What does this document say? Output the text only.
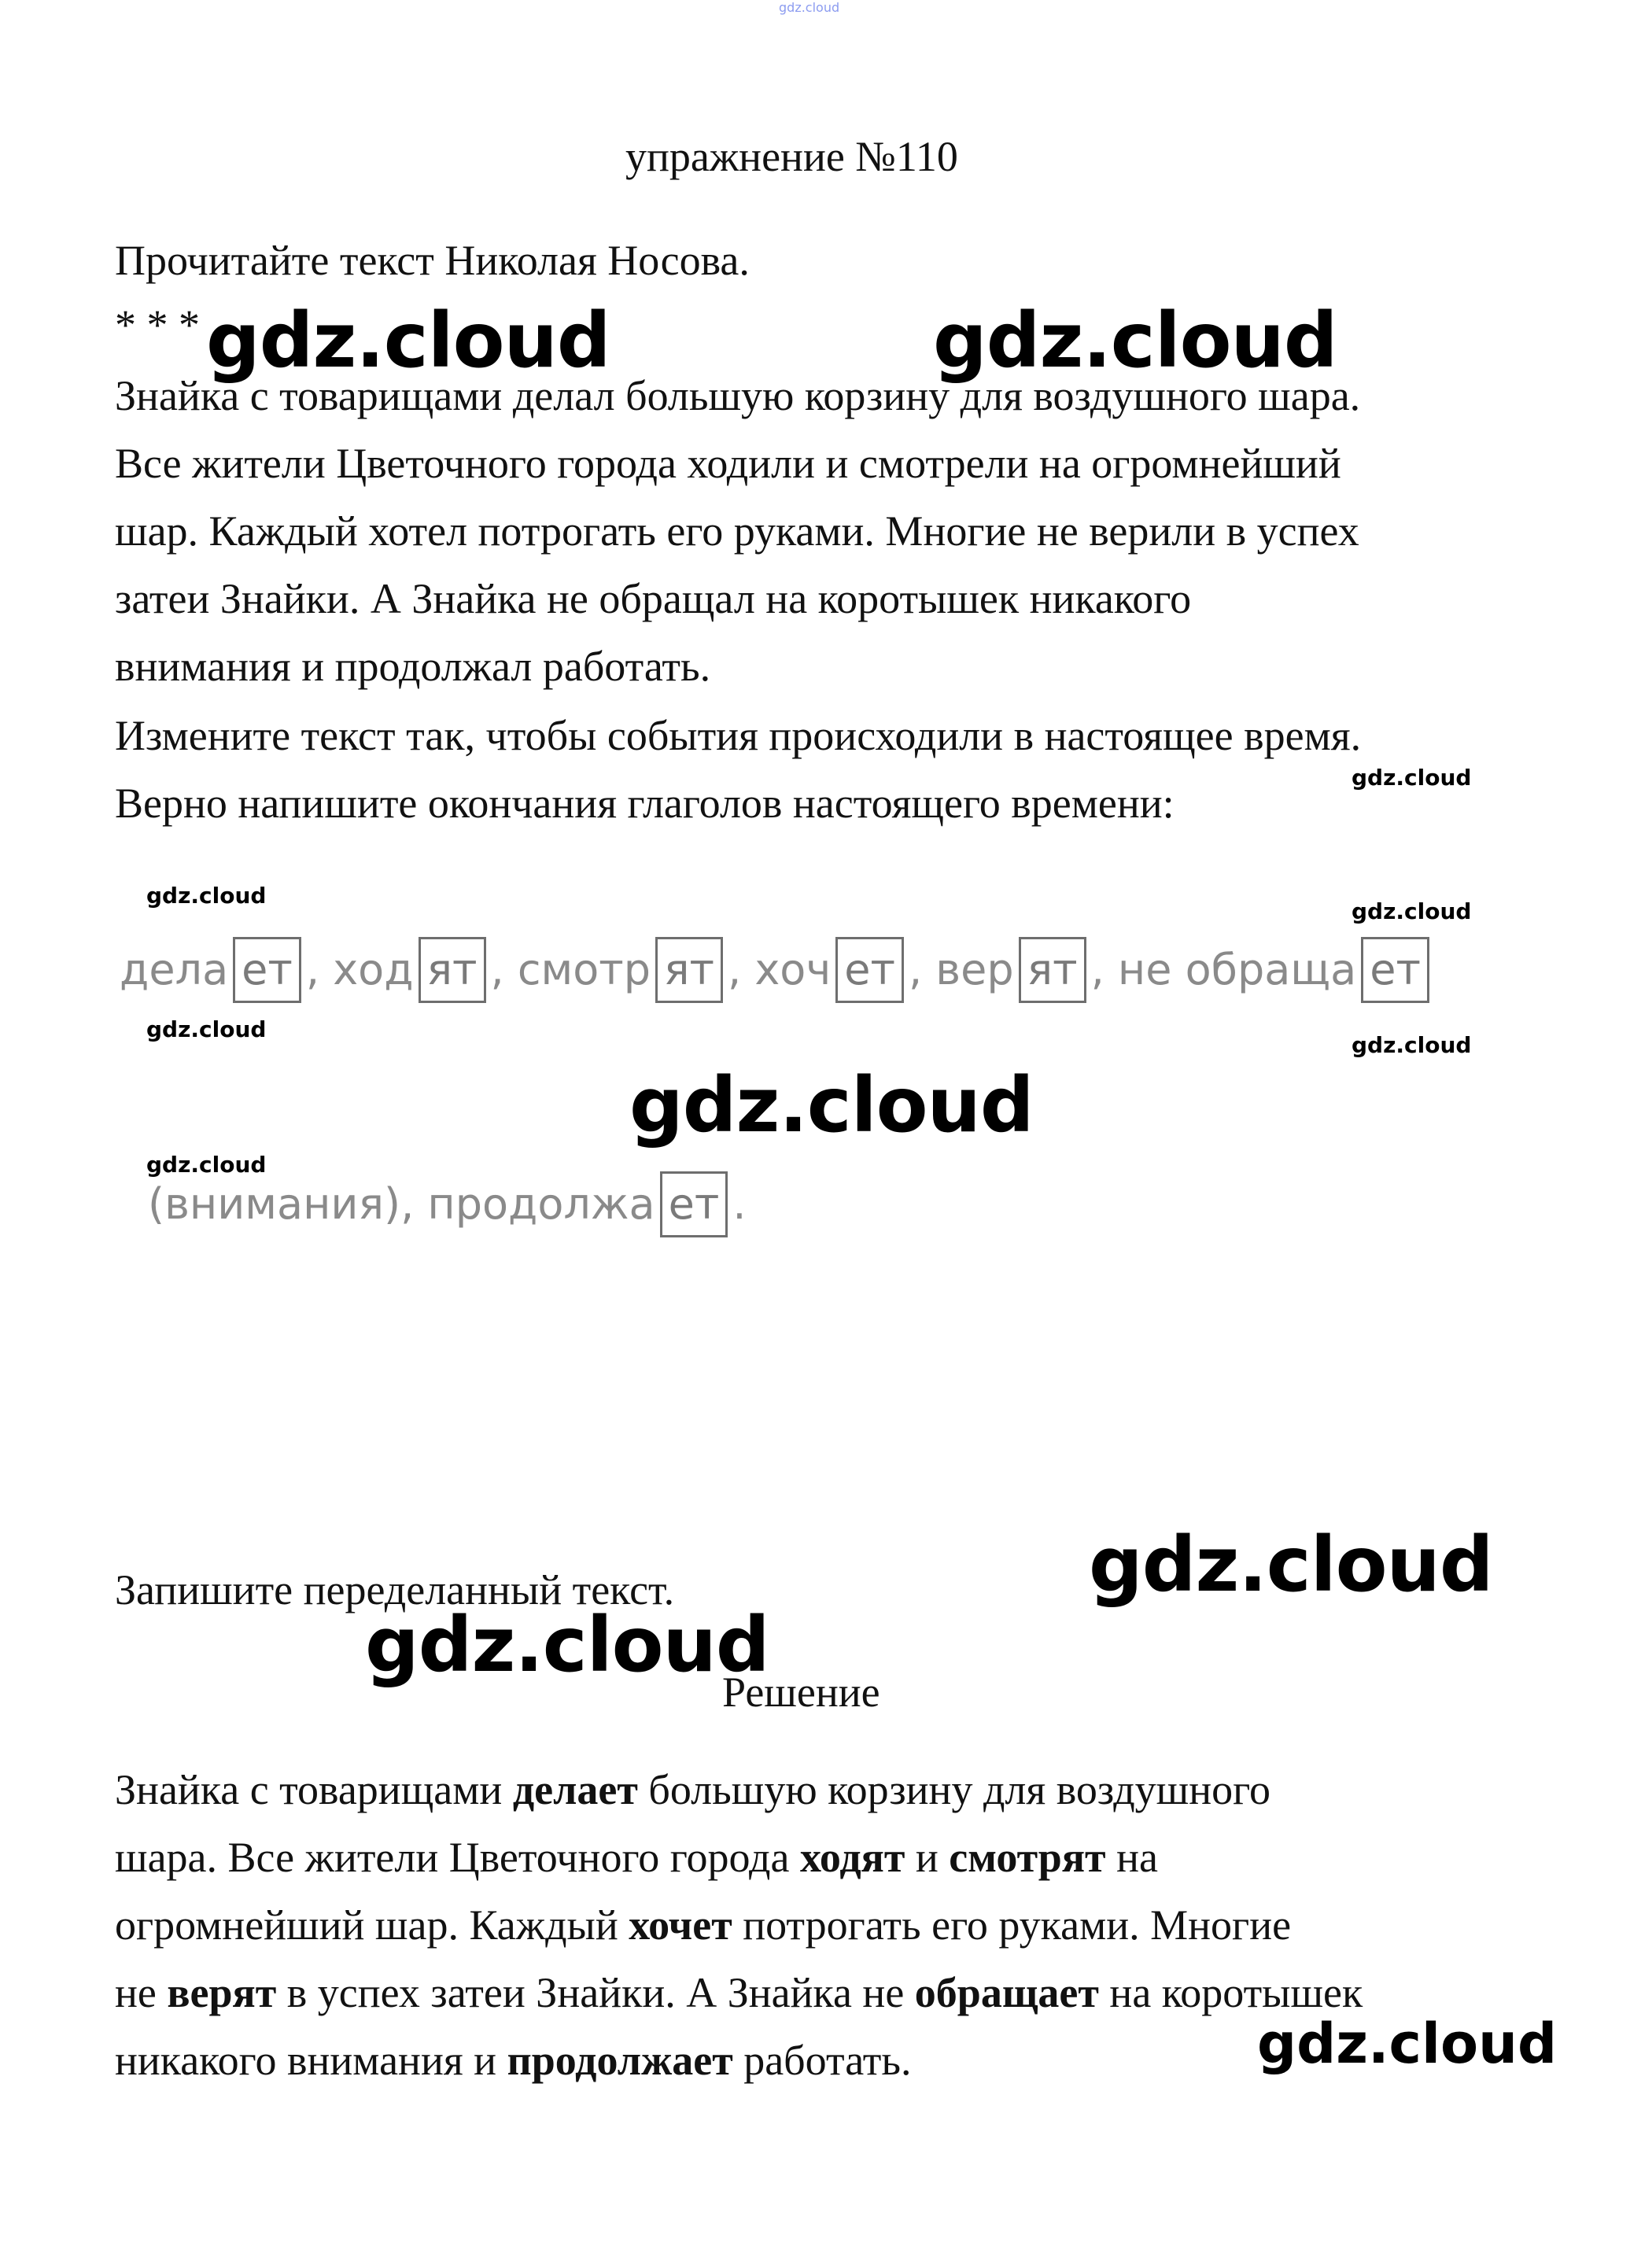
gdz.cloud
упражнение №110
Прочитайте текст Николая Носова.
* * *
Знайка с товарищами делал большую корзину для воздушного шара.
Все жители Цветочного города ходили и смотрели на огромнейший
шар. Каждый хотел потрогать его руками. Многие не верили в успех
затеи Знайки. А Знайка не обращал на коротышек никакого
внимания и продолжал работать.
Измените текст так, чтобы события происходили в настоящее время.
Верно напишите окончания глаголов настоящего времени:
дела ет , ход ят , смотр ят , хоч ет , вер ят , не обраща ет
(внимания), продолжа ет .
Запишите переделанный текст.
Решение
Знайка с товарищами делает большую корзину для воздушного
шара. Все жители Цветочного города ходят и смотрят на
огромнейший шар. Каждый хочет потрогать его руками. Многие
не верят в успех затеи Знайки. А Знайка не обращает на коротышек
никакого внимания и продолжает работать.
gdz.cloud	gdz.cloud
gdz.cloud
gdz.cloud
gdz.cloud
gdz.cloud
gdz.cloud
gdz.cloud
gdz.cloud
gdz.cloud
gdz.cloud
gdz.cloud
